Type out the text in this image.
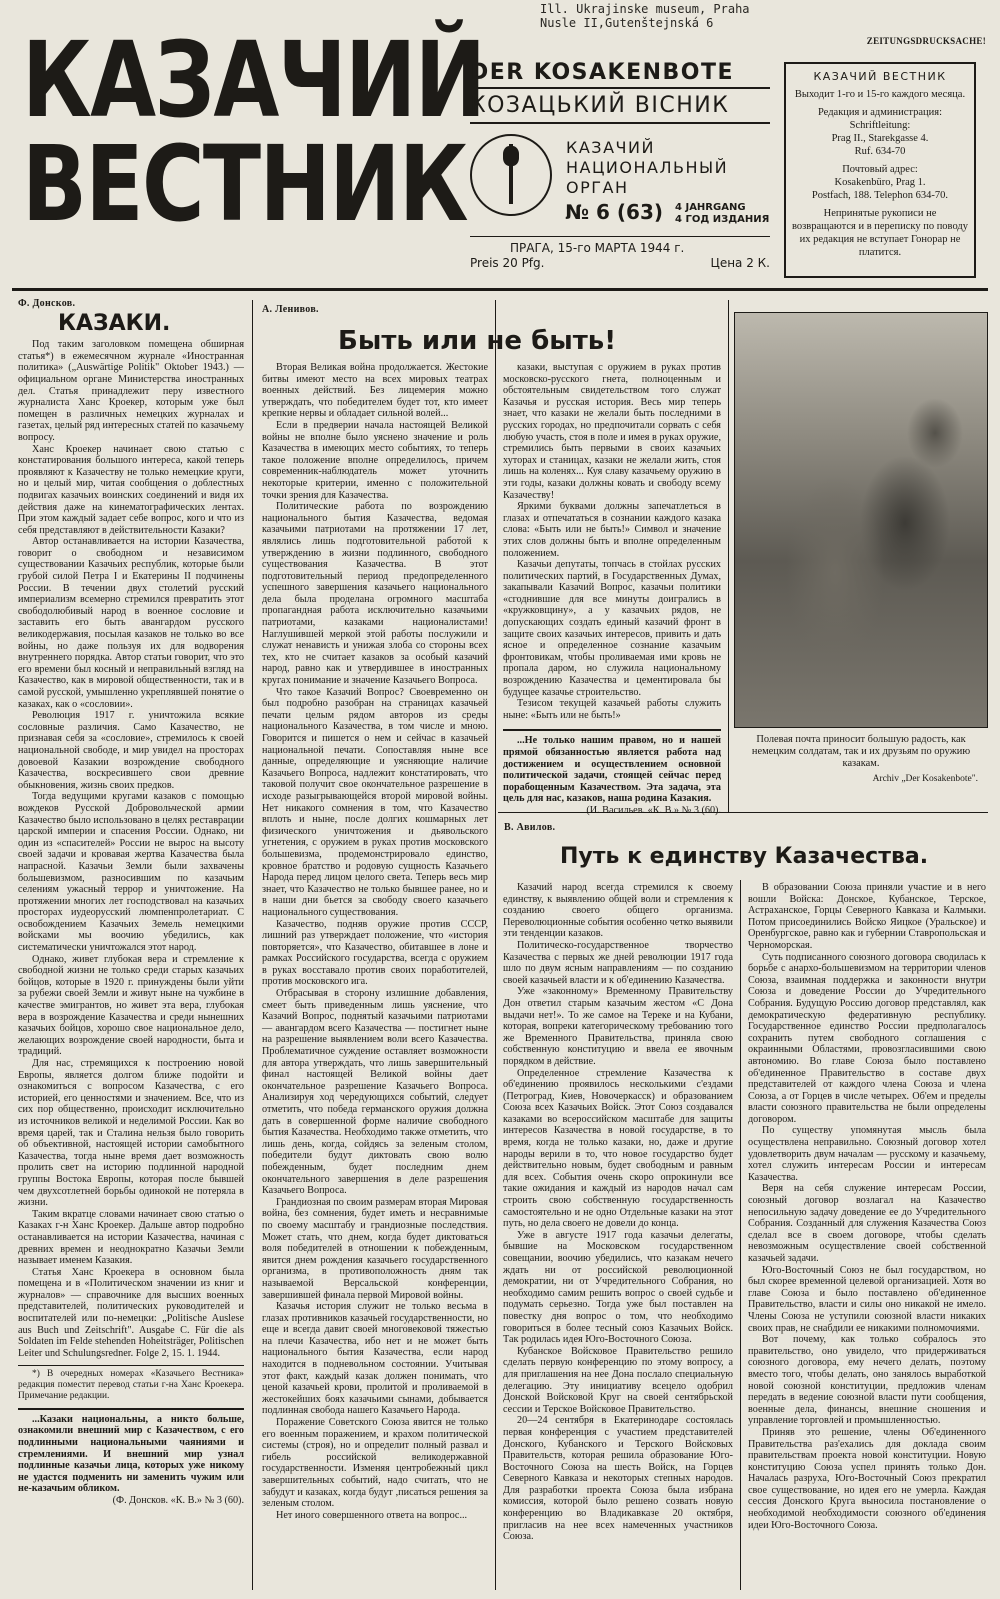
Ill. Ukrajinske museum, Praha
Nusle II,Gutenštejnská 6
ZEITUNGSDRUCKSACHE!
КАЗАЧИЙ
ВЕСТНИК
DER KOSAKENBOTE
КОЗАЦЬКИЙ ВІСНИК
КАЗАЧИЙ
НАЦИОНАЛЬНЫЙ
ОРГАН
№ 6 (63) 4 JAHRGANG
4 ГОД ИЗДАНИЯ
ПРАГА, 15-го МАРТА 1944 г.
Preis 20 Pfg.	Цена 2 К.

КАЗАЧИЙ ВЕСТНИК

Выходит 1-го и 15-го каждого месяца.

Редакция и администрация:

Schriftleitung:

Prag II., Starekgasse 4.

Ruf. 634-70

Почтовый адрес:

Kosakenbüro, Prag 1.

Postfach, 188. Telephon 634-70.

Непринятые рукописи не возвращаются и в переписку по поводу их редакция не вступает Гонорар не платится.

Ф. Донсков.
КАЗАКИ.

Под таким заголовком помещена обширная статья*) в ежемесячном журнале «Иностранная политика» („Auswärtige Politik" Oktober 1943.) — официальном органе Министерства иностранных дел. Статья принадлежит перу известного журналиста Ханс Кроекер, которым уже был помещен в различных немецких журналах и газетах, целый ряд интересных статей по казачьему вопросу.

Ханс Кроекер начинает свою статью с констатирования большого интереса, какой теперь проявляют к Казачеству не только немецкие круги, но и целый мир, читая сообщения о доблестных подвигах казачьих воинских соединений и видя их действия даже на кинематографических лентах. При этом каждый задает себе вопрос, кого и что из себя представляют в действительности Казаки?

Автор останавливается на истории Казачества, говорит о свободном и независимом существовании Казачьих республик, которые были грубой силой Петра I и Екатерины II подчинены России. В течении двух столетий русский империализм всемерно стремился превратить этот свободолюбивый народ в военное сословие и заставить его быть авангардом русского великодержавия, посылая казаков не только во все войны, но даже пользуя их для водворения внутреннего порядка. Автор статьи говорит, что это его времени был косный и неправильный взгляд на Казачество, как в мировой общественности, так и в самой русской, умышленно укреплявшей понятие о казаках, как о «сословии».

Революция 1917 г. уничтожила всякие сословные различия. Само Казачество, не признавая себя за «сословие», стремилось к своей национальной свободе, и мир увидел на просторах довоевой Казакии возрождение свободного Казачества, воскресившего свои древние обыкновения, жизнь своих предков.

Тогда ведущими кругами казаков с помощью вождеков Русской Добровольческой армии Казачество было использовано в целях реставрации царской империи и спасения России. Однако, ни один из «спасителей» России не вырос на высоту своей задачи и кровавая жертва Казачества была напрасной. Казачьи Земли были захвачены большевизмом, разносившим по казачьим селениям ужасный террор и уничтожение. На протяжении многих лет господствовал на казачьих просторах иудеорусский люмпенпролетариат. С освобождением Казачьих Земель немецкими войсками мы воочию убедились, как систематически уничтожался этот народ.

Однако, живет глубокая вера и стремление к свободной жизни не только среди старых казачьих бойцов, которые в 1920 г. принуждены были уйти за рубежи своей Земли и живут ныне на чужбине в качестве эмигрантов, но живет эта вера, глубокая вера в возрождение Казачества и среди нынешних казачьих бойцов, хорошо свое национальное дело, желающих возрождение своей народности, быта и традиций.

Для нас, стремящихся к построению новой Европы, является долгом ближе подойти и ознакомиться с вопросом Казачества, с его историей, его ценностями и значением. Все, что из сих пор общественно, происходит исключительно из источников великой и неделимой России. Как во время царей, так и Сталина нельзя было говорить об объективной, настоящей истории самобытного Казачества, тогда ныне время дает возможность пролить свет на историю подлинной народной группы Востока Европы, которая после бывшей чем двухсотлетней борьбы одинокой не потеряла в жизни.

Таким вкратце словами начинает свою статью о Казаках г-н Ханс Кроекер. Дальше автор подробно останавливается на истории Казачества, начиная с древних времен и неоднократно Казачьи Земли называет именем Казакия.

Статья Ханс Кроекера в основном была помещена и в «Политическом значении из книг и журналов» — справочнике для высших военных представителей, политических руководителей и воспитателей или по-немецки: „Politische Auslese aus Buch und Zeitschrift". Ausgabe C. Für die als Soldaten im Felde stehenden Hoheitsträger, Politischen Leiter und Schulungsredner. Folge 2, 15. 1. 1944.

*) В очередных номерах «Казачьего Вестника» редакция поместит перевод статьи г-на Ханс Кроекера. Примечание редакции.

...Казаки национальны, а никто больше, ознакомили внешний мир с Казачеством, с его подлинными национальными чаяниями и стремлениями. И внешний мир узнал подлинные казачьи лица, которых уже никому не удастся подменить ни заменить чужим или не-казачьим обликом.

(Ф. Донсков. «К. В.» № 3 (60).
А. Ленивов.
Быть или не быть!

Вторая Великая война продолжается. Жестокие битвы имеют место на всех мировых театрах военных действий. Без лицемерия можно утверждать, что победителем будет тот, кто имеет крепкие нервы и обладает сильной волей...

Если в предверии начала настоящей Великой войны не вполне было уяснено значение и роль Казачества в имеющих место событиях, то теперь такое положение вполне определилось, причем современник-наблюдатель может уточнить некоторые критерии, именно с положительной точки зрения для Казачества.

Политические работа по возрождению национального бытия Казачества, ведомая казачьими патриотами на протяжении 17 лет, являлись лишь подготовительной работой к утверждению в жизни подлинного, свободного существования Казачества. В этот подготовительный период предопределенного успешного завершения казачьего национального дела была проделана огромного масштаба пропагандная работа исключительно казачьими патриотами, казаками националистами! Наглуши́вшей меркой этой работы послужили и служат ненависть и унижая злоба со стороны всех тех, кто не считает казаков за особый казачий народ, равно как и утвердившее в иностранных кругах понимание и значение Казачьего Вопроса.

Что такое Казачий Вопрос? Своевременно он был подробно разобран на страницах казачьей печати целым рядом авторов из среды национального Казачества, в том числе и мною. Говорится и пишется о нем и сейчас в казачьей национальной печати. Сопоставляя ныне все данные, определяющие и уясняющие наличие Казачьего Вопроса, надлежит констатировать, что таковой получит свое окончательное разрешение в исходе разыгрывающейся второй мировой войны. Нет никакого сомнения в том, что Казачество вплоть и ныне, после долгих кошмарных лет физического уничтожения и дьявольского угнетения, с оружием в руках против московского большевизма, продемонстрировало единство, кровное братство и родовую сущность Казачьего Народа перед лицом целого света. Теперь весь мир знает, что Казачество не только бывшее ранее, но и в наши дни бьется за свободу своего казачьего национального существования.

Казачество, подняв оружие против СССР, лишний раз утверждает положение, что «история повторяется», что Казачество, обитавшее в лоне и рамках Российского государства, всегда с оружием в руках восставало против своих поработителей, против московского ига.

Отбрасывая в сторону излишние добавления, смеет быть приведенным лишь уяснение, что Казачий Вопрос, поднятый казачьими патриотами — авангардом всего Казачества — постигнет ныне на разрешение выявлением воли всего Казачества. Проблематичное суждение оставляет возможности для автора утверждать, что лишь завершительный финал настоящей Великой войны дает окончательное разрешение Казачьего Вопроса. Анализируя ход чередующихся событий, следует отметить, что победа германского оружия должна дать в совершенной форме наличие свободного бытия Казачества. Необходимо также отметить, что лишь день, когда, сойдясь за зеленым столом, победители будут диктовать свою волю побежденным, будет последним днем окончательного завершения в деле разрешения Казачьего Вопроса.

Грандиозная по своим размерам вторая Мировая война, без сомнения, будет иметь и несравнимые по своему масштабу и грандиозные последствия. Может стать, что днем, когда будет диктоваться воля победителей в отношении к побежденным, явится днем рождения казачьего государственного организма, в противоположность дням так называемой Версальской конференции, завершившей финала первой Мировой войны.

Казачья история служит не только весьма в глазах противников казачьей государственности, но еще и всегда давит своей многовековой тяжестью на плечи Казачества, ибо нет и не может быть национального бытия Казачества, если народ находится в подневольном состоянии. Учитывая этот факт, каждый казак должен понимать, что ценой казачьей крови, пролитой и проливаемой в жестокейших боях казачьими сынами, добывается подлинная свобода нашего Казачьего Народа.

Поражение Советского Союза явится не только его военным поражением, и крахом политической системы (строя), но и определит полный развал и гибель российской великодержавной государственности. Изменяя центробежный цикл завершительных событий, надо считать, что не забудут и казаках, когда будут ,писаться решения за зеленым столом.

Нет иного совершенного ответа на вопрос...

казаки, выступая с оружием в руках против московско-русского гнета, полноценным и обстоятельным свидетельством того служат Казачья и русская история. Весь мир теперь знает, что казаки не желали быть последними в русских городах, но предпочитали сорвать с себя любую участь, стоя в поле и имея в руках оружие, стремились быть первыми в своих казачьих хуторах и станицах, казаки не желали жить, стоя лишь на коленях... Куя славу казачьему оружию в эти годы, казаки должны ковать и свободу всему Казачеству!

Яркими буквами должны запечатлеться в глазах и отпечататься в сознании каждого казака слова: «Быть или не быть!» Символ и значение этих слов должны быть и вполне определенным положением.

Казачьи депутаты, топчась в стойлах русских политических партий, в Государственных Думах, закапывали Казачий Вопрос, казачьи политики «сгоднившие для все минуты доигрались в «кружковщину», а у казачьих рядов, не допускающих создать единый казачий фронт в защите своих казачьих интересов, привить и дать ясное и определенное сознание казачьим фронтовикам, чтобы проливаемая ими кровь не пропала даром, но служила национальному возрождению Казачества и цементировала бы будущее казачье строительство.

Тезисом текущей казачьей работы служить ныне: «Быть или не быть!»

...Не только нашим правом, но и нашей прямой обязанностью является работа над достижением и осуществлением основной политической задачи, стоящей сейчас перед порабощенным Казачеством. Эта задача, эта цель для нас, казаков, наша родина Казакия.

(И. Васильев. «К. В.» № 3 (60).
Полевая почта приносит большую радость, как немецким солдатам, так и их друзьям по оружию казакам.
Archiv „Der Kosakenbote".
В. Авилов.
Путь к единству Казачества.

Казачий народ всегда стремился к своему единству, к выявлению общей воли и стремления к созданию своего общего организма. Переволюционные события особенно четко выявили эти тенденции казаков.

Политическо-государственное творчество Казачества с первых же дней революции 1917 года шло по двум ясным направлениям — по созданию своей казачьей власти и к об'единению Казачества.

Уже «законному» Временному Правительству Дон ответил старым казачьим жестом «С Дона выдачи нет!». То же самое на Тереке и на Кубани, которая, вопреки категорическому требованию того же Временного Правительства, приняла свою собственную конституцию и ввела ее явочным порядком в действие.

Определенное стремление Казачества к об'единению проявилось несколькими с'ездами (Петроград, Киев, Новочеркасск) и образованием Союза всех Казачьих Войск. Этот Союз создавался казаками во всероссийском масштабе для защиты интересов Казачества в новой государстве, в то время, когда не только казаки, но, даже и другие народы верили в то, что новое государство будет действительно новым, будет свободным и равным для всех. События очень скоро опрокинули все такие ожидания и каждый из народов начал сам строить свою собственную государственность самостоятельно и не одно Отдельные казаки на этот путь, но дела своего не довели до конца.

Уже в августе 1917 года казачьи делегаты, бывшие на Московском государственном совещании, воочию убедились, что казакам нечего ждать ни от российской революционной демократии, ни от Учредительного Собрания, но необходимо самим решить вопрос о своей судьбе и подумать серьезно. Тогда уже был поставлен на повестку дня вопрос о том, что необходимо говориться в более тесный союз Казачьих Войск. Так родилась идея Юго-Восточного Союза.

Кубанское Войсковое Правительство решило сделать первую конференцию по этому вопросу, а для приглашения на нее Дона послало специальную делегацию. Эту инициативу всецело одобрил Донской Войсковой Круг на своей сентябрьской сессии и Терское Войсковое Правительство.

20—24 сентября в Екатеринодаре состоялась первая конференция с участием представителей Донского, Кубанского и Терского Войсковых Правительств, которая решила образование Юго-Восточного Союза на шесть Войск, на Горцев Северного Кавказа и некоторых степных народов. Для разработки проекта Союза была избрана комиссия, которой было решено созвать новую конференцию во Владикавказе 20 октября, пригласив на нее всех намеченных участников Союза.

В образовании Союза приняли участие и в него вошли Войска: Донское, Кубанское, Терское, Астраханское, Горцы Северного Кавказа и Калмыки. Потом присоединились Войско Яицкое (Уральское) и Оренбургское, равно как и губернии Ставропольская и Черноморская.

Суть подписанного союзного договора сводилась к борьбе с анархо-большевизмом на территории членов Союза, взаимная поддержка и законности внутри Союза и доведение России до Учредительного Собрания. Будущую Россию договор представлял, как демократическую федеративную республику. Государственное единство России предполагалось сохранить путем свободного соглашения с окраинными Областями, провозгласившими свою автономию. Во главе Союза было поставлено об'единенное Правительство в составе двух представителей от каждого члена Союза и члена Союза, а от Горцев в числе четырех. Об'ем и пределы власти союзного правительства не были определены договором.

По существу упомянутая мысль была осуществлена неправильно. Союзный договор хотел удовлетворить двум началам — русскому и казачьему, хотел служить интересам России и интересам Казачества.

Веря на себя служение интересам России, союзный договор возлагал на Казачество непосильную задачу доведение ее до Учредительного Собрания. Созданный для служения Казачества Союз сделал все в своем договоре, чтобы сделать невозможным осуществление своей собственной казачьей задачи.

Юго-Восточный Союз не был государством, но был скорее временной целевой организацией. Хотя во главе Союза и было поставлено об'единенное Правительство, власти и силы оно никакой не имело. Члены Союза не уступили союзной власти никаких своих прав, не снабдили ее никакими полномочиями.

Вот почему, как только собралось это правительство, оно увидело, что придерживаться союзного договора, ему нечего делать, поэтому вместо того, чтобы делать, оно занялось выработкой новой союзной конституции, предложив членам передать в ведение союзной власти пути сообщения, военные дела, финансы, внешние сношения и управление торговлей и промышленностью.

Приняв это решение, члены Об'единенного Правительства раз'ехались для доклада своим правительствам проекта новой конституции. Новую конституцию Союза успел принять только Дон. Началась разруха, Юго-Восточный Союз прекратил свое существование, но идея его не умерла. Каждая сессия Донского Круга выносила постановление о необходимой необходимости союзного об'единения идеи Юго-Восточного Союза.
